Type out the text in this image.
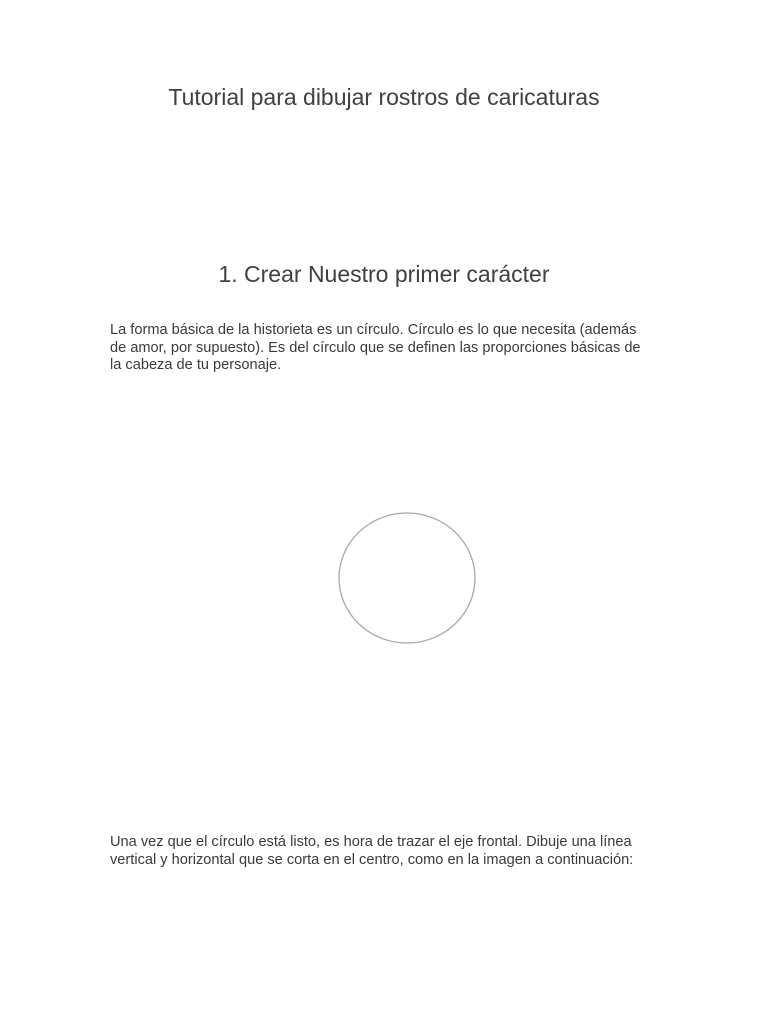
Tutorial para dibujar rostros de caricaturas
1. Crear Nuestro primer carácter

La forma básica de la historieta es un círculo. Círculo es lo que necesita (además de amor, por supuesto). Es del círculo que se definen las proporciones básicas de la cabeza de tu personaje.

Una vez que el círculo está listo, es hora de trazar el eje frontal. Dibuje una línea vertical y horizontal que se corta en el centro, como en la imagen a continuación:
